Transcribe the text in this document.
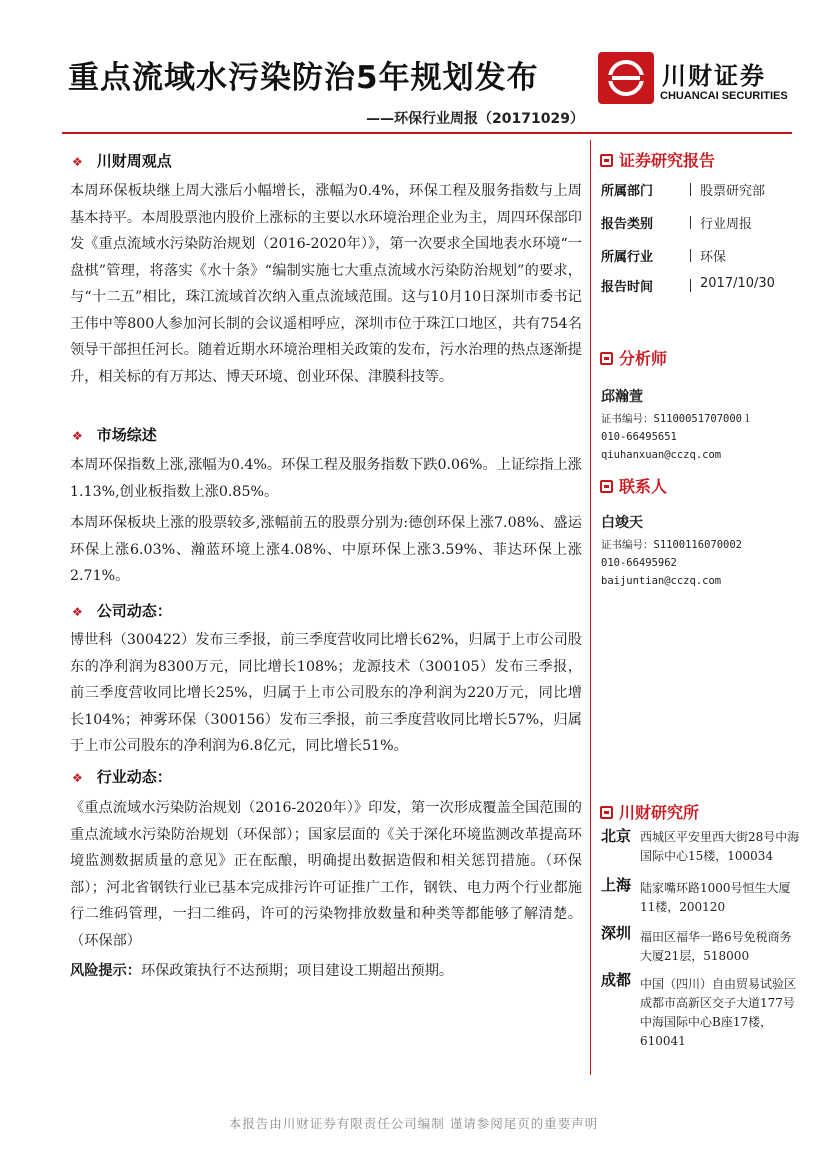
重点流域水污染防治5年规划发布
——环保行业周报（20171029）
川财证券
CHUANCAI SECURITIES
❖ 川财周观点
本周环保板块继上周大涨后小幅增长，涨幅为0.4%，环保工程及服务指数与上周基本持平。本周股票池内股价上涨标的主要以水环境治理企业为主，周四环保部印发《重点流域水污染防治规划（2016-2020年）》，第一次要求全国地表水环境“一盘棋”管理，将落实《水十条》“编制实施七大重点流域水污染防治规划”的要求，与“十二五”相比，珠江流域首次纳入重点流域范围。这与10月10日深圳市委书记王伟中等800人参加河长制的会议遥相呼应，深圳市位于珠江口地区，共有754名领导干部担任河长。随着近期水环境治理相关政策的发布，污水治理的热点逐渐提升，相关标的有万邦达、博天环境、创业环保、津膜科技等。
❖ 市场综述
本周环保指数上涨,涨幅为0.4%。环保工程及服务指数下跌0.06%。上证综指上涨1.13%,创业板指数上涨0.85%。
本周环保板块上涨的股票较多,涨幅前五的股票分别为:德创环保上涨7.08%、盛运环保上涨6.03%、瀚蓝环境上涨4.08%、中原环保上涨3.59%、菲达环保上涨2.71%。
❖ 公司动态：
博世科（300422）发布三季报，前三季度营收同比增长62%，归属于上市公司股东的净利润为8300万元，同比增长108%；龙源技术（300105）发布三季报，前三季度营收同比增长25%，归属于上市公司股东的净利润为220万元，同比增长104%；神雾环保（300156）发布三季报，前三季度营收同比增长57%，归属于上市公司股东的净利润为6.8亿元，同比增长51%。
❖ 行业动态：
《重点流域水污染防治规划（2016-2020年）》印发，第一次形成覆盖全国范围的重点流域水污染防治规划（环保部）；国家层面的《关于深化环境监测改革提高环境监测数据质量的意见》正在酝酿，明确提出数据造假和相关惩罚措施。（环保部）；河北省钢铁行业已基本完成排污许可证推广工作，钢铁、电力两个行业都施行二维码管理，一扫二维码，许可的污染物排放数量和种类等都能够了解清楚。（环保部）
风险提示：环保政策执行不达预期；项目建设工期超出预期。
证券研究报告
所属部门	股票研究部
报告类别	行业周报
所属行业	环保
报告时间	2017/10/30
分析师
邱瀚萱
证书编号：S1100051707000１
010-66495651
qiuhanxuan@cczq.com
联系人
白竣天
证书编号：S1100116070002
010-66495962
baijuntian@cczq.com
川财研究所
北京 西城区平安里西大街28号中海国际中心15楼，100034
上海 陆家嘴环路1000号恒生大厦11楼，200120
深圳 福田区福华一路6号免税商务大厦21层，518000
成都 中国（四川）自由贸易试验区成都市高新区交子大道177号中海国际中心B座17楼，610041
本报告由川财证券有限责任公司编制 谨请参阅尾页的重要声明
